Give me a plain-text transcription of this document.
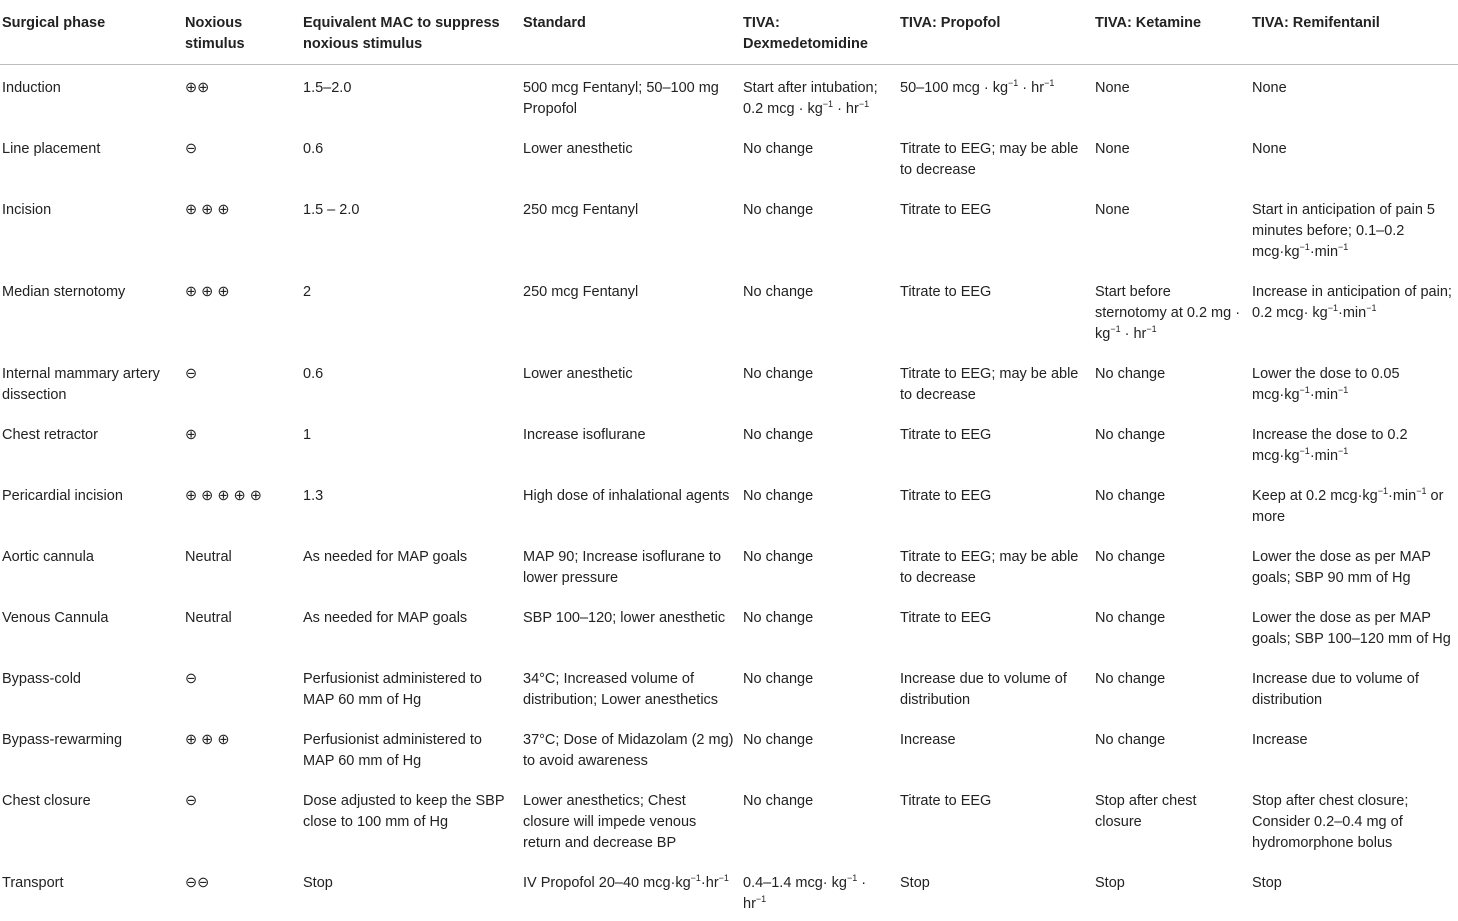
Surgical phase	Noxious stimulus	Equivalent MAC to suppress noxious stimulus	Standard	TIVA: Dexmedetomidine	TIVA: Propofol	TIVA: Ketamine	TIVA: Remifentanil
Induction	⊕⊕	1.5–2.0	500 mcg Fentanyl; 50–100 mg Propofol	Start after intubation; 0.2 mcg · $kg^{-1} \cdot hr^{-1}$	50–100 mcg · $kg^{-1} \cdot hr^{-1}$	None	None
Line placement	⊖	0.6	Lower anesthetic	No change	Titrate to EEG; may be able to decrease	None	None
Incision	⊕ ⊕ ⊕	1.5 – 2.0	250 mcg Fentanyl	No change	Titrate to EEG	None	Start in anticipation of pain 5 minutes before; 0.1–0.2 $mcg\cdot kg^{-1}\cdot\min^{-1}$
Median sternotomy	⊕ ⊕ ⊕	2	250 mcg Fentanyl	No change	Titrate to EEG	Start before sternotomy at 0.2 mg · $kg^{-1} \cdot hr^{-1}$	Increase in anticipation of pain; 0.2 $mcg\cdot kg^{-1}\cdot\min^{-1}$
Internal mammary artery dissection	⊖	0.6	Lower anesthetic	No change	Titrate to EEG; may be able to decrease	No change	Lower the dose to 0.05 $mcg\cdot kg^{-1}\cdot\min^{-1}$
Chest retractor	⊕	1	Increase isoflurane	No change	Titrate to EEG	No change	Increase the dose to 0.2 $mcg\cdot kg^{-1}\cdot\min^{-1}$
Pericardial incision	⊕ ⊕ ⊕ ⊕ ⊕	1.3	High dose of inhalational agents	No change	Titrate to EEG	No change	Keep at 0.2 $mcg\cdot kg^{-1}\cdot\min^{-1}$ or more
Aortic cannula	Neutral	As needed for MAP goals	MAP 90; Increase isoflurane to lower pressure	No change	Titrate to EEG; may be able to decrease	No change	Lower the dose as per MAP goals; SBP 90 mm of Hg
Venous Cannula	Neutral	As needed for MAP goals	SBP 100–120; lower anesthetic	No change	Titrate to EEG	No change	Lower the dose as per MAP goals; SBP 100–120 mm of Hg
Bypass-cold	⊖	Perfusionist administered to MAP 60 mm of Hg	34°C; Increased volume of distribution; Lower anesthetics	No change	Increase due to volume of distribution	No change	Increase due to volume of distribution
Bypass-rewarming	⊕ ⊕ ⊕	Perfusionist administered to MAP 60 mm of Hg	37°C; Dose of Midazolam (2 mg) to avoid awareness	No change	Increase	No change	Increase
Chest closure	⊖	Dose adjusted to keep the SBP close to 100 mm of Hg	Lower anesthetics; Chest closure will impede venous return and decrease BP	No change	Titrate to EEG	Stop after chest closure	Stop after chest closure; Consider 0.2–0.4 mg of hydromorphone bolus
Transport	⊖⊖	Stop	IV Propofol 20–40 $mcg\cdot kg^{-1}\cdot hr^{-1}$	0.4–1.4 $mcg\cdot kg^{-1} \cdot hr^{-1}$	Stop	Stop	Stop
